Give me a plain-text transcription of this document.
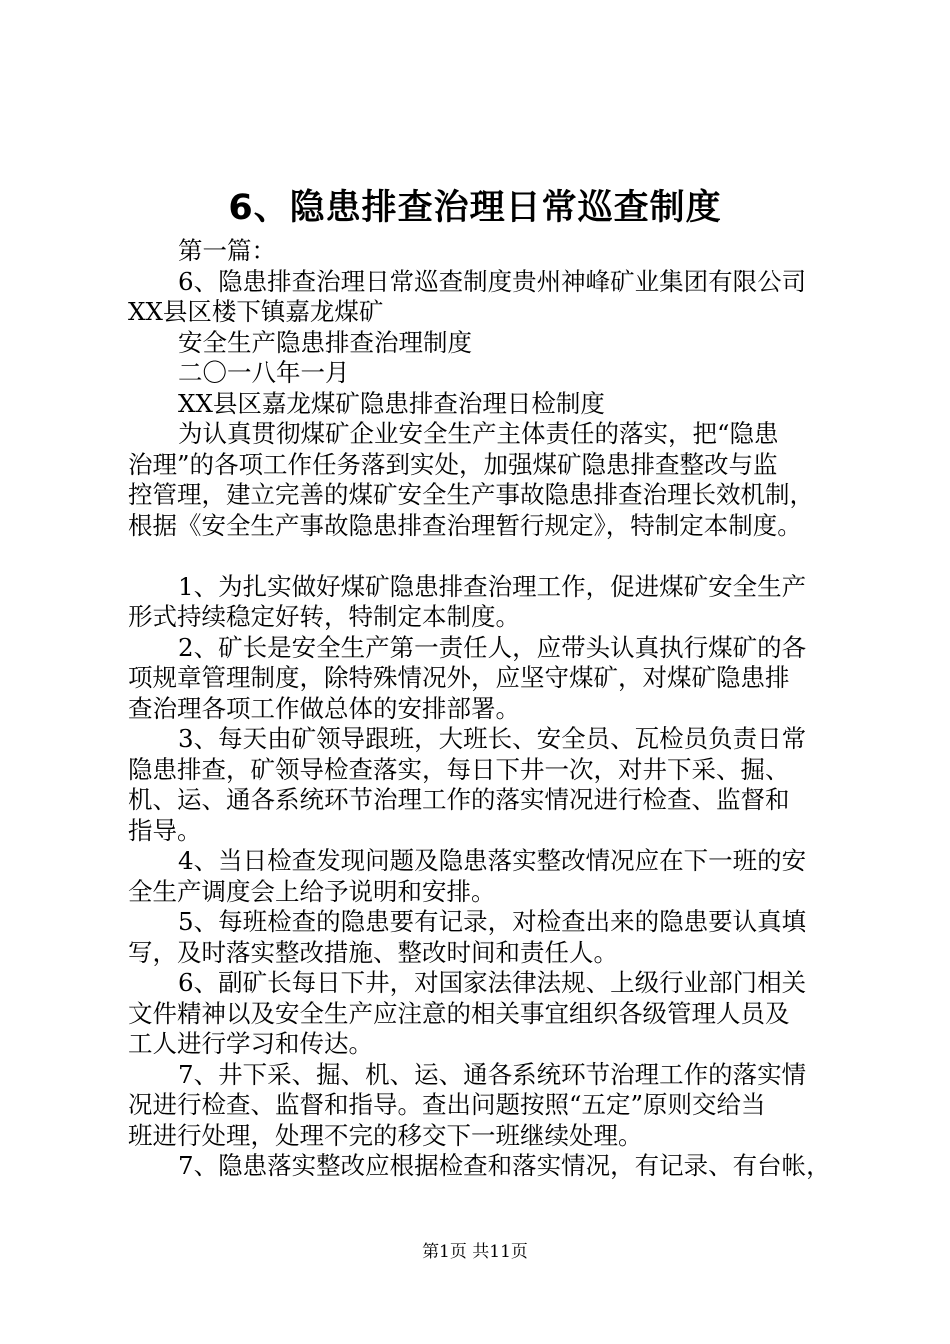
6、隐患排查治理日常巡查制度
第一篇：
6、隐患排查治理日常巡查制度贵州神峰矿业集团有限公司
XX县区楼下镇嘉龙煤矿
安全生产隐患排查治理制度
二〇一八年一月
XX县区嘉龙煤矿隐患排查治理日检制度
为认真贯彻煤矿企业安全生产主体责任的落实，把“隐患
治理”的各项工作任务落到实处，加强煤矿隐患排查整改与监
控管理，建立完善的煤矿安全生产事故隐患排查治理长效机制，
根据《安全生产事故隐患排查治理暂行规定》，特制定本制度。
1、为扎实做好煤矿隐患排查治理工作，促进煤矿安全生产
形式持续稳定好转，特制定本制度。
2、矿长是安全生产第一责任人，应带头认真执行煤矿的各
项规章管理制度，除特殊情况外，应坚守煤矿，对煤矿隐患排
查治理各项工作做总体的安排部署。
3、每天由矿领导跟班，大班长、安全员、瓦检员负责日常
隐患排查，矿领导检查落实，每日下井一次，对井下采、掘、
机、运、通各系统环节治理工作的落实情况进行检查、监督和
指导。
4、当日检查发现问题及隐患落实整改情况应在下一班的安
全生产调度会上给予说明和安排。
5、每班检查的隐患要有记录，对检查出来的隐患要认真填
写，及时落实整改措施、整改时间和责任人。
6、副矿长每日下井，对国家法律法规、上级行业部门相关
文件精神以及安全生产应注意的相关事宜组织各级管理人员及
工人进行学习和传达。
7、井下采、掘、机、运、通各系统环节治理工作的落实情
况进行检查、监督和指导。查出问题按照“五定”原则交给当
班进行处理，处理不完的移交下一班继续处理。
7、隐患落实整改应根据检查和落实情况，有记录、有台帐，
第1页 共11页
